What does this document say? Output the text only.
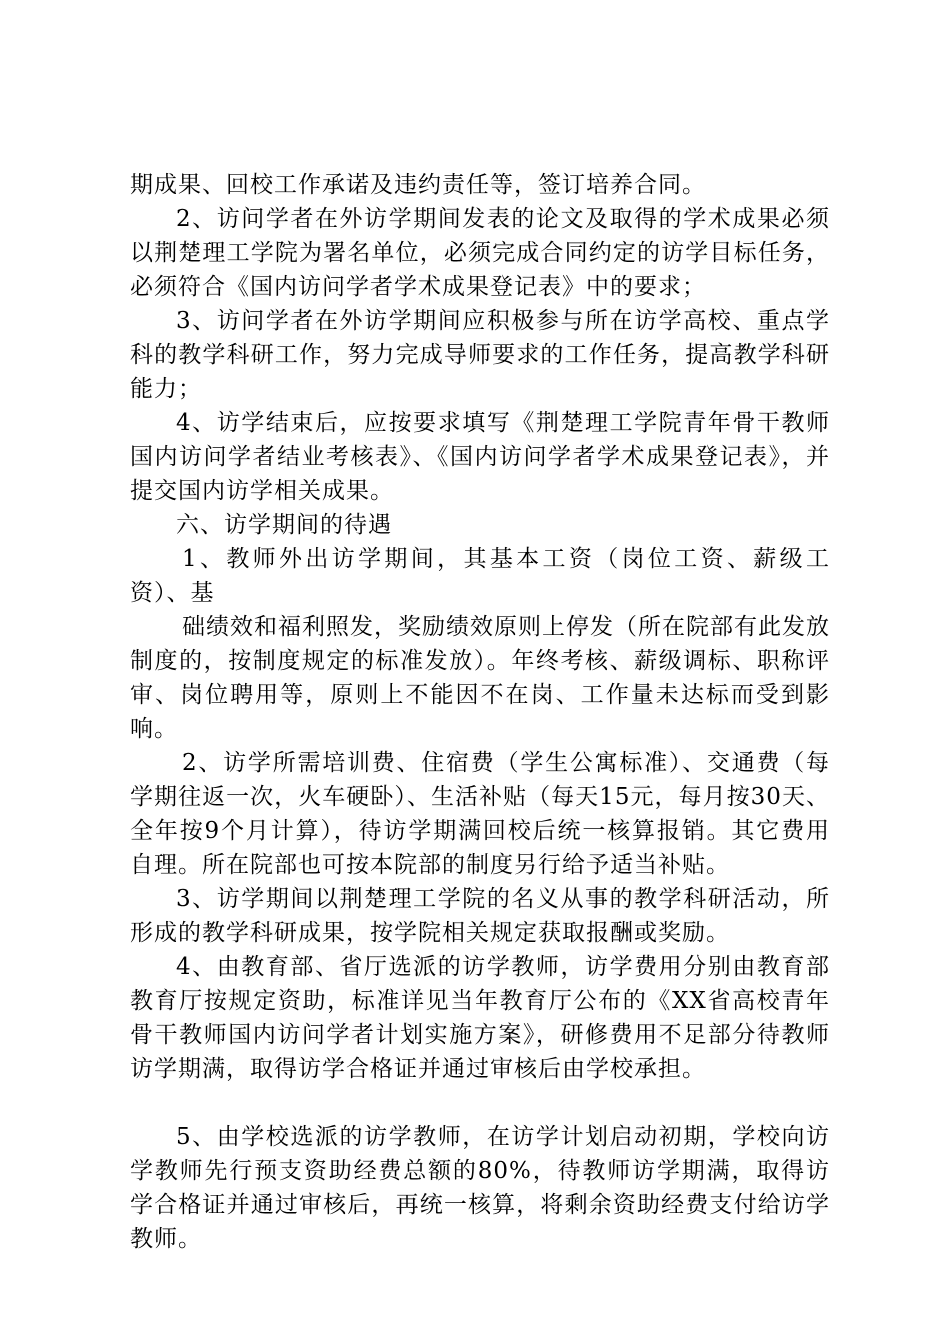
期成果、回校工作承诺及违约责任等，签订培养合同。

2、访问学者在外访学期间发表的论文及取得的学术成果必须以荆楚理工学院为署名单位，必须完成合同约定的访学目标任务，必须符合《国内访问学者学术成果登记表》中的要求；

3、访问学者在外访学期间应积极参与所在访学高校、重点学科的教学科研工作，努力完成导师要求的工作任务，提高教学科研能力；

4、访学结束后，应按要求填写《荆楚理工学院青年骨干教师国内访问学者结业考核表》、《国内访问学者学术成果登记表》，并提交国内访学相关成果。

六、访学期间的待遇

1、教师外出访学期间，其基本工资（岗位工资、薪级工资）、基

础绩效和福利照发，奖励绩效原则上停发（所在院部有此发放制度的，按制度规定的标准发放）。年终考核、薪级调标、职称评审、岗位聘用等，原则上不能因不在岗、工作量未达标而受到影响。

2、访学所需培训费、住宿费（学生公寓标准）、交通费（每学期往返一次，火车硬卧）、生活补贴（每天15元，每月按30天、全年按9个月计算），待访学期满回校后统一核算报销。其它费用自理。所在院部也可按本院部的制度另行给予适当补贴。

3、访学期间以荆楚理工学院的名义从事的教学科研活动，所形成的教学科研成果，按学院相关规定获取报酬或奖励。

4、由教育部、省厅选派的访学教师，访学费用分别由教育部教育厅按规定资助，标准详见当年教育厅公布的《XX省高校青年骨干教师国内访问学者计划实施方案》，研修费用不足部分待教师访学期满，取得访学合格证并通过审核后由学校承担。

5、由学校选派的访学教师，在访学计划启动初期，学校向访学教师先行预支资助经费总额的80%，待教师访学期满，取得访学合格证并通过审核后，再统一核算，将剩余资助经费支付给访学教师。
